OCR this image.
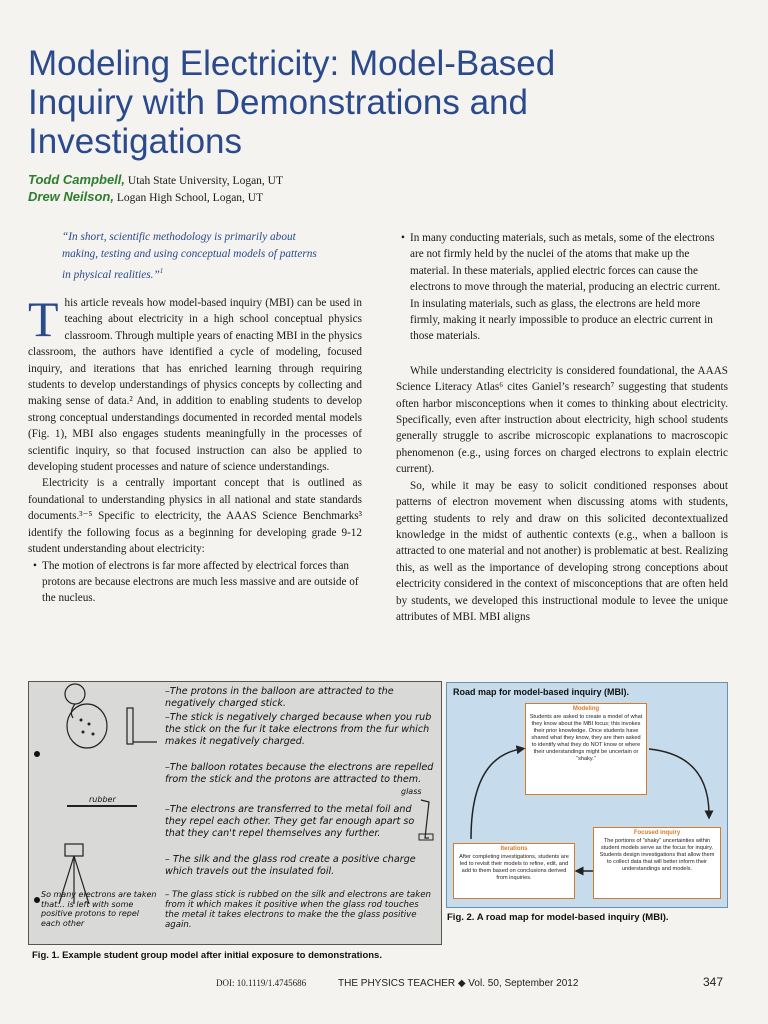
Modeling Electricity: Model-Based
Inquiry with Demonstrations and
Investigations
Todd Campbell, Utah State University, Logan, UT
Drew Neilson, Logan High School, Logan, UT
“In short, scientific methodology is primarily about making, testing and using conceptual models of patterns in physical realities.”$^1$

This article reveals how model-based inquiry (MBI) can be used in teaching about electricity in a high school conceptual physics classroom. Through multiple years of enacting MBI in the physics classroom, the authors have identified a cycle of modeling, focused inquiry, and iterations that has enriched learning through requiring students to develop understandings of physics concepts by collecting and making sense of data.² And, in addition to enabling students to develop strong conceptual understandings documented in recorded mental models (Fig. 1), MBI also engages students meaningfully in the processes of scientific inquiry, so that focused instruction can also be applied to developing student processes and nature of science understandings.

Electricity is a centrally important concept that is outlined as foundational to understanding physics in all national and state standards documents.³⁻⁵ Specific to electricity, the AAAS Science Benchmarks³ identify the following focus as a beginning for developing grade 9-12 student understanding about electricity:

• The motion of electrons is far more affected by electrical forces than protons are because electrons are much less massive and are outside of the nucleus.
• In many conducting materials, such as metals, some of the electrons are not firmly held by the nuclei of the atoms that make up the material. In these materials, applied electric forces can cause the electrons to move through the material, producing an electric current. In insulating materials, such as glass, the electrons are held more firmly, making it nearly impossible to produce an electric current in those materials.

While understanding electricity is considered foundational, the AAAS Science Literacy Atlas⁶ cites Ganiel’s research⁷ suggesting that students often harbor misconceptions when it comes to thinking about electricity. Specifically, even after instruction about electricity, high school students generally struggle to ascribe microscopic explanations to macroscopic phenomenon (e.g., using forces on charged electrons to explain electric current).

So, while it may be easy to solicit conditioned responses about patterns of electron movement when discussing atoms with students, getting students to rely and draw on this solicited decontextualized knowledge in the midst of authentic contexts (e.g., when a balloon is attracted to one material and not another) is problematic at best. Realizing this, as well as the importance of developing strong conceptions about electricity considered in the context of misconceptions that are often held by students, we developed this instructional module to levee the unique attributes of MBI. MBI aligns

–The protons in the balloon are attracted to the negatively charged stick.
–The stick is negatively charged because when you rub the stick on the fur it take electrons from the fur which makes it negatively charged.
–The balloon rotates because the electrons are repelled from the stick and the protons are attracted to them.
–The electrons are transferred to the metal foil and they repel each other. They get far enough apart so that they can't repel themselves any further.
– The silk and the glass rod create a positive charge which travels out the insulated foil.
– The glass stick is rubbed on the silk and electrons are taken from it which makes it positive when the glass rod touches the metal it takes electrons to make the the glass positive again.
So many electrons are taken that... is left with some positive protons to repel each other
rubber
glass
Fig. 1. Example student group model after initial exposure to demonstrations.
Road map for model-based inquiry (MBI).
Modeling
Students are asked to create a model of what they know about the MBI focus; this invokes their prior knowledge. Once students have shared what they know, they are then asked to identify what they do NOT know or where their understandings might be uncertain or “shaky.”
Iterations
After completing investigations, students are led to revisit their models to refine, edit, and add to them based on conclusions derived from inquiries.
Focused inquiry
The portions of “shaky” uncertainties within student models serve as the focus for inquiry. Students design investigations that allow them to collect data that will better inform their understandings and models.
Fig. 2. A road map for model-based inquiry (MBI).
DOI: 10.1119/1.4745686	THE PHYSICS TEACHER ◆ Vol. 50, September 2012	347
